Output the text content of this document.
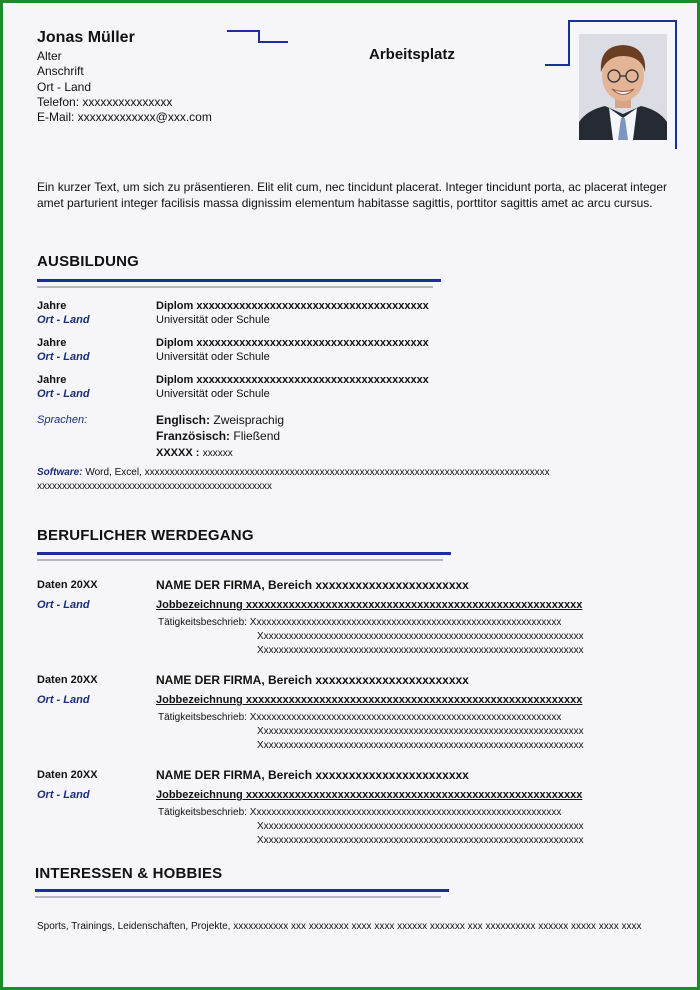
Jonas Müller
Alter
Anschrift
Ort - Land
Telefon: xxxxxxxxxxxxxxx
E-Mail: xxxxxxxxxxxxx@xxx.com
Arbeitsplatz
Ein kurzer Text, um sich zu präsentieren. Elit elit cum, nec tincidunt placerat. Integer tincidunt porta, ac placerat integer amet parturient integer facilisis massa dignissim elementum habitasse sagittis, porttitor sagittis amet ac arcu cursus.
AUSBILDUNG
Jahre
Ort - Land
Diplom xxxxxxxxxxxxxxxxxxxxxxxxxxxxxxxxxxxxxx
Universität oder Schule
Jahre
Ort - Land
Diplom xxxxxxxxxxxxxxxxxxxxxxxxxxxxxxxxxxxxxx
Universität oder Schule
Jahre
Ort - Land
Diplom xxxxxxxxxxxxxxxxxxxxxxxxxxxxxxxxxxxxxx
Universität oder Schule
Sprachen:	Englisch: Zweisprachig
Französisch: Fließend
XXXXX : xxxxxx
Software: Word, Excel, xxxxxxxxxxxxxxxxxxxxxxxxxxxxxxxxxxxxxxxxxxxxxxxxxxxxxxxxxxxxxxxxxxxxxxxxxxxxxxxxx xxxxxxxxxxxxxxxxxxxxxxxxxxxxxxxxxxxxxxxxxxxxxxx
BERUFLICHER WERDEGANG
Daten 20XX
Ort - Land
NAME DER FIRMA, Bereich xxxxxxxxxxxxxxxxxxxxxxx
Jobbezeichnung xxxxxxxxxxxxxxxxxxxxxxxxxxxxxxxxxxxxxxxxxxxxxxxxxxxxxxx
Tätigkeitsbeschrieb: Xxxxxxxxxxxxxxxxxxxxxxxxxxxxxxxxxxxxxxxxxxxxxxxxxxxxxxxxxxxxxx
Xxxxxxxxxxxxxxxxxxxxxxxxxxxxxxxxxxxxxxxxxxxxxxxxxxxxxxxxxxxxxxxxx
Xxxxxxxxxxxxxxxxxxxxxxxxxxxxxxxxxxxxxxxxxxxxxxxxxxxxxxxxxxxxxxxxx
Daten 20XX
Ort - Land
NAME DER FIRMA, Bereich xxxxxxxxxxxxxxxxxxxxxxx
Jobbezeichnung xxxxxxxxxxxxxxxxxxxxxxxxxxxxxxxxxxxxxxxxxxxxxxxxxxxxxxx
Tätigkeitsbeschrieb: Xxxxxxxxxxxxxxxxxxxxxxxxxxxxxxxxxxxxxxxxxxxxxxxxxxxxxxxxxxxxxx
Xxxxxxxxxxxxxxxxxxxxxxxxxxxxxxxxxxxxxxxxxxxxxxxxxxxxxxxxxxxxxxxxx
Xxxxxxxxxxxxxxxxxxxxxxxxxxxxxxxxxxxxxxxxxxxxxxxxxxxxxxxxxxxxxxxxx
Daten 20XX
Ort - Land
NAME DER FIRMA, Bereich xxxxxxxxxxxxxxxxxxxxxxx
Jobbezeichnung xxxxxxxxxxxxxxxxxxxxxxxxxxxxxxxxxxxxxxxxxxxxxxxxxxxxxxx
Tätigkeitsbeschrieb: Xxxxxxxxxxxxxxxxxxxxxxxxxxxxxxxxxxxxxxxxxxxxxxxxxxxxxxxxxxxxxx
Xxxxxxxxxxxxxxxxxxxxxxxxxxxxxxxxxxxxxxxxxxxxxxxxxxxxxxxxxxxxxxxxx
Xxxxxxxxxxxxxxxxxxxxxxxxxxxxxxxxxxxxxxxxxxxxxxxxxxxxxxxxxxxxxxxxx
INTERESSEN & HOBBIES
Sports, Trainings, Leidenschaften, Projekte, xxxxxxxxxxx xxx xxxxxxxx xxxx xxxx xxxxxx xxxxxxx xxx xxxxxxxxxx xxxxxx xxxxx xxxx xxxx
